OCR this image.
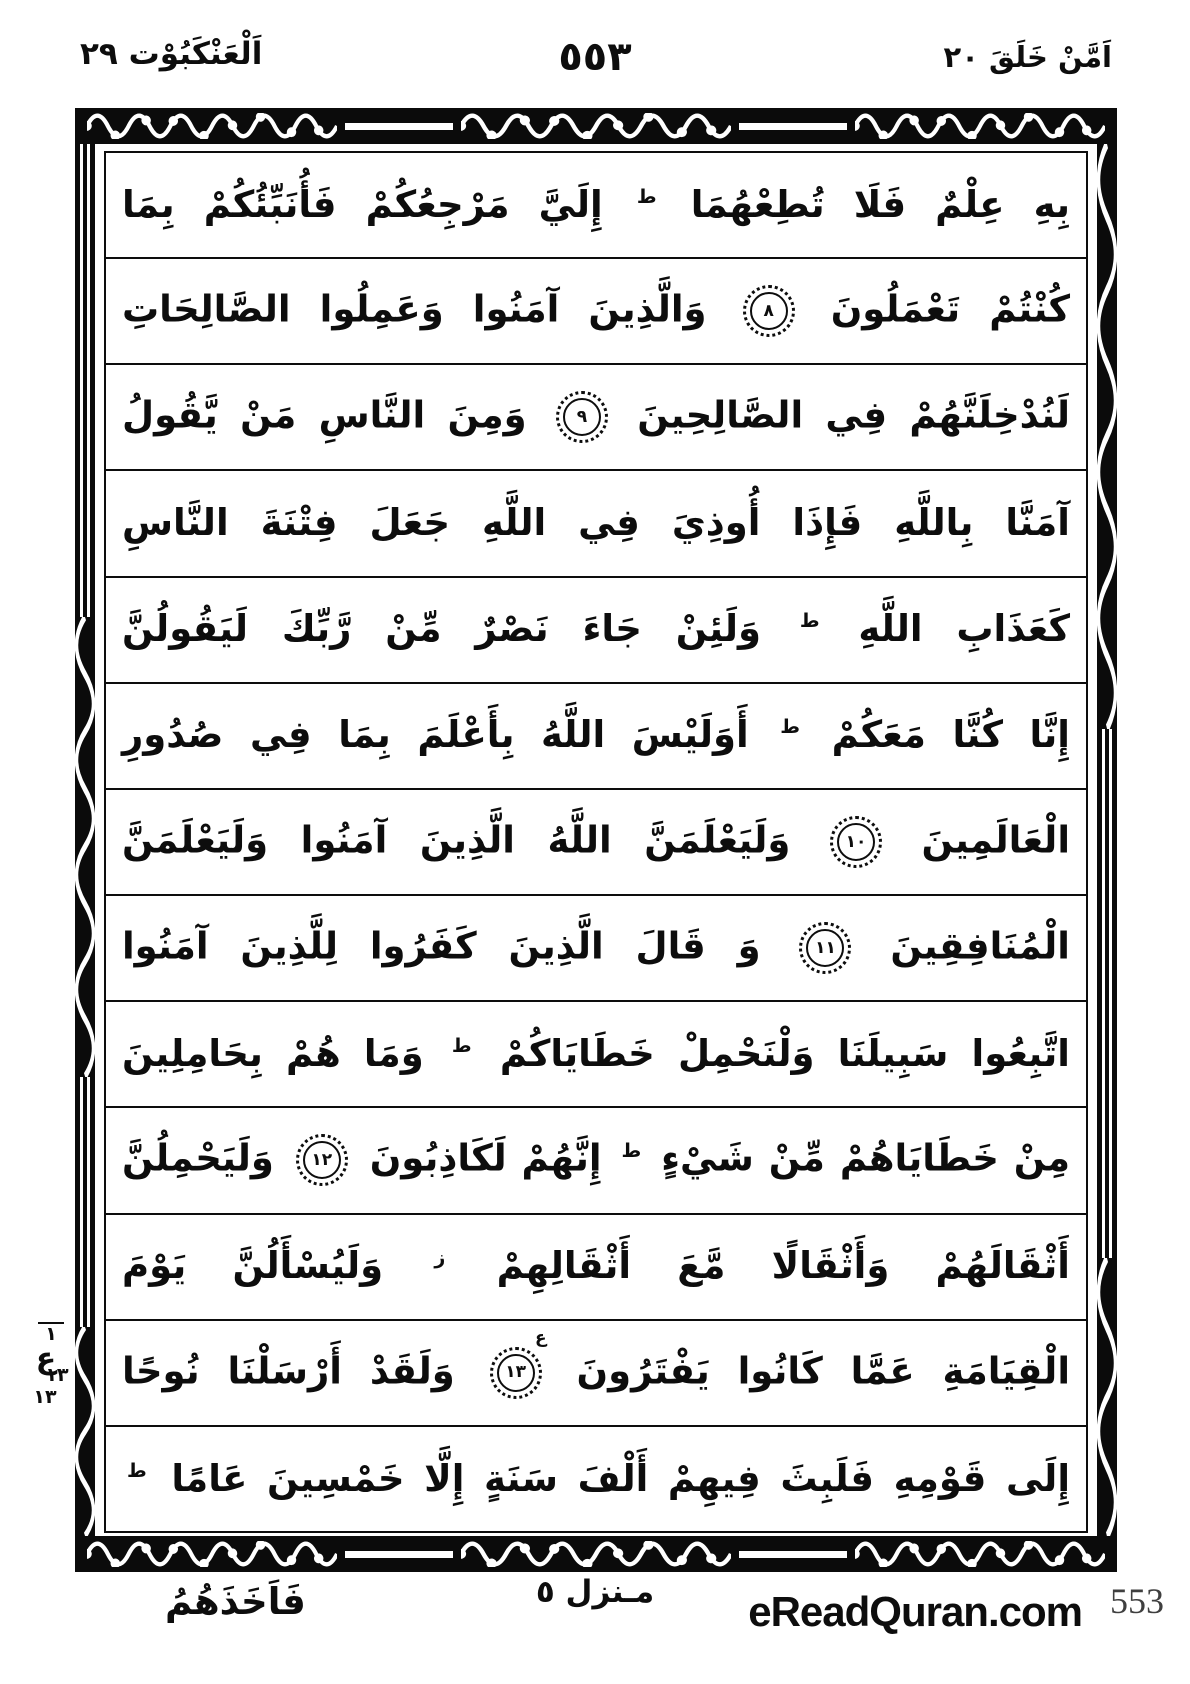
اَلْعَنْكَبُوْت ٢٩	٥٥٣	اَمَّنْ خَلَقَ ٢٠

بِهِ عِلْمٌ فَلَا تُطِعْهُمَا $^ط$ إِلَيَّ مَرْجِعُكُمْ فَأُنَبِّئُكُمْ بِمَا

كُنْتُمْ تَعْمَلُونَ
٨
وَالَّذِينَ آمَنُوا وَعَمِلُوا الصَّالِحَاتِ

لَنُدْخِلَنَّهُمْ فِي الصَّالِحِينَ
٩
وَمِنَ النَّاسِ مَنْ يَّقُولُ

آمَنَّا بِاللَّهِ فَإِذَا أُوذِيَ فِي اللَّهِ جَعَلَ فِتْنَةَ النَّاسِ

كَعَذَابِ اللَّهِ $^ط$ وَلَئِنْ جَاءَ نَصْرٌ مِّنْ رَّبِّكَ لَيَقُولُنَّ

إِنَّا كُنَّا مَعَكُمْ $^ط$ أَوَلَيْسَ اللَّهُ بِأَعْلَمَ بِمَا فِي صُدُورِ

الْعَالَمِينَ
١٠
وَلَيَعْلَمَنَّ اللَّهُ الَّذِينَ آمَنُوا وَلَيَعْلَمَنَّ

الْمُنَافِقِينَ
١١
وَ قَالَ الَّذِينَ كَفَرُوا لِلَّذِينَ آمَنُوا

اتَّبِعُوا سَبِيلَنَا وَلْنَحْمِلْ خَطَايَاكُمْ $^ط$ وَمَا هُمْ بِحَامِلِينَ

مِنْ خَطَايَاهُمْ مِّنْ شَيْءٍ $^ط$ إِنَّهُمْ لَكَاذِبُونَ
١٢
وَلَيَحْمِلُنَّ

أَثْقَالَهُمْ وَأَثْقَالًا مَّعَ أَثْقَالِهِمْ $^ز$ وَلَيُسْأَلُنَّ يَوْمَ

الْقِيَامَةِ عَمَّا كَانُوا يَفْتَرُونَ
١٣
ع
وَلَقَدْ أَرْسَلْنَا نُوحًا

إِلَى قَوْمِهِ فَلَبِثَ فِيهِمْ أَلْفَ سَنَةٍ إِلَّا خَمْسِينَ عَامًا $^ط$

١
ع
١٣
١٣
فَاَخَذَهُمُ	مـنزل ٥ eReadQuran.com 553
